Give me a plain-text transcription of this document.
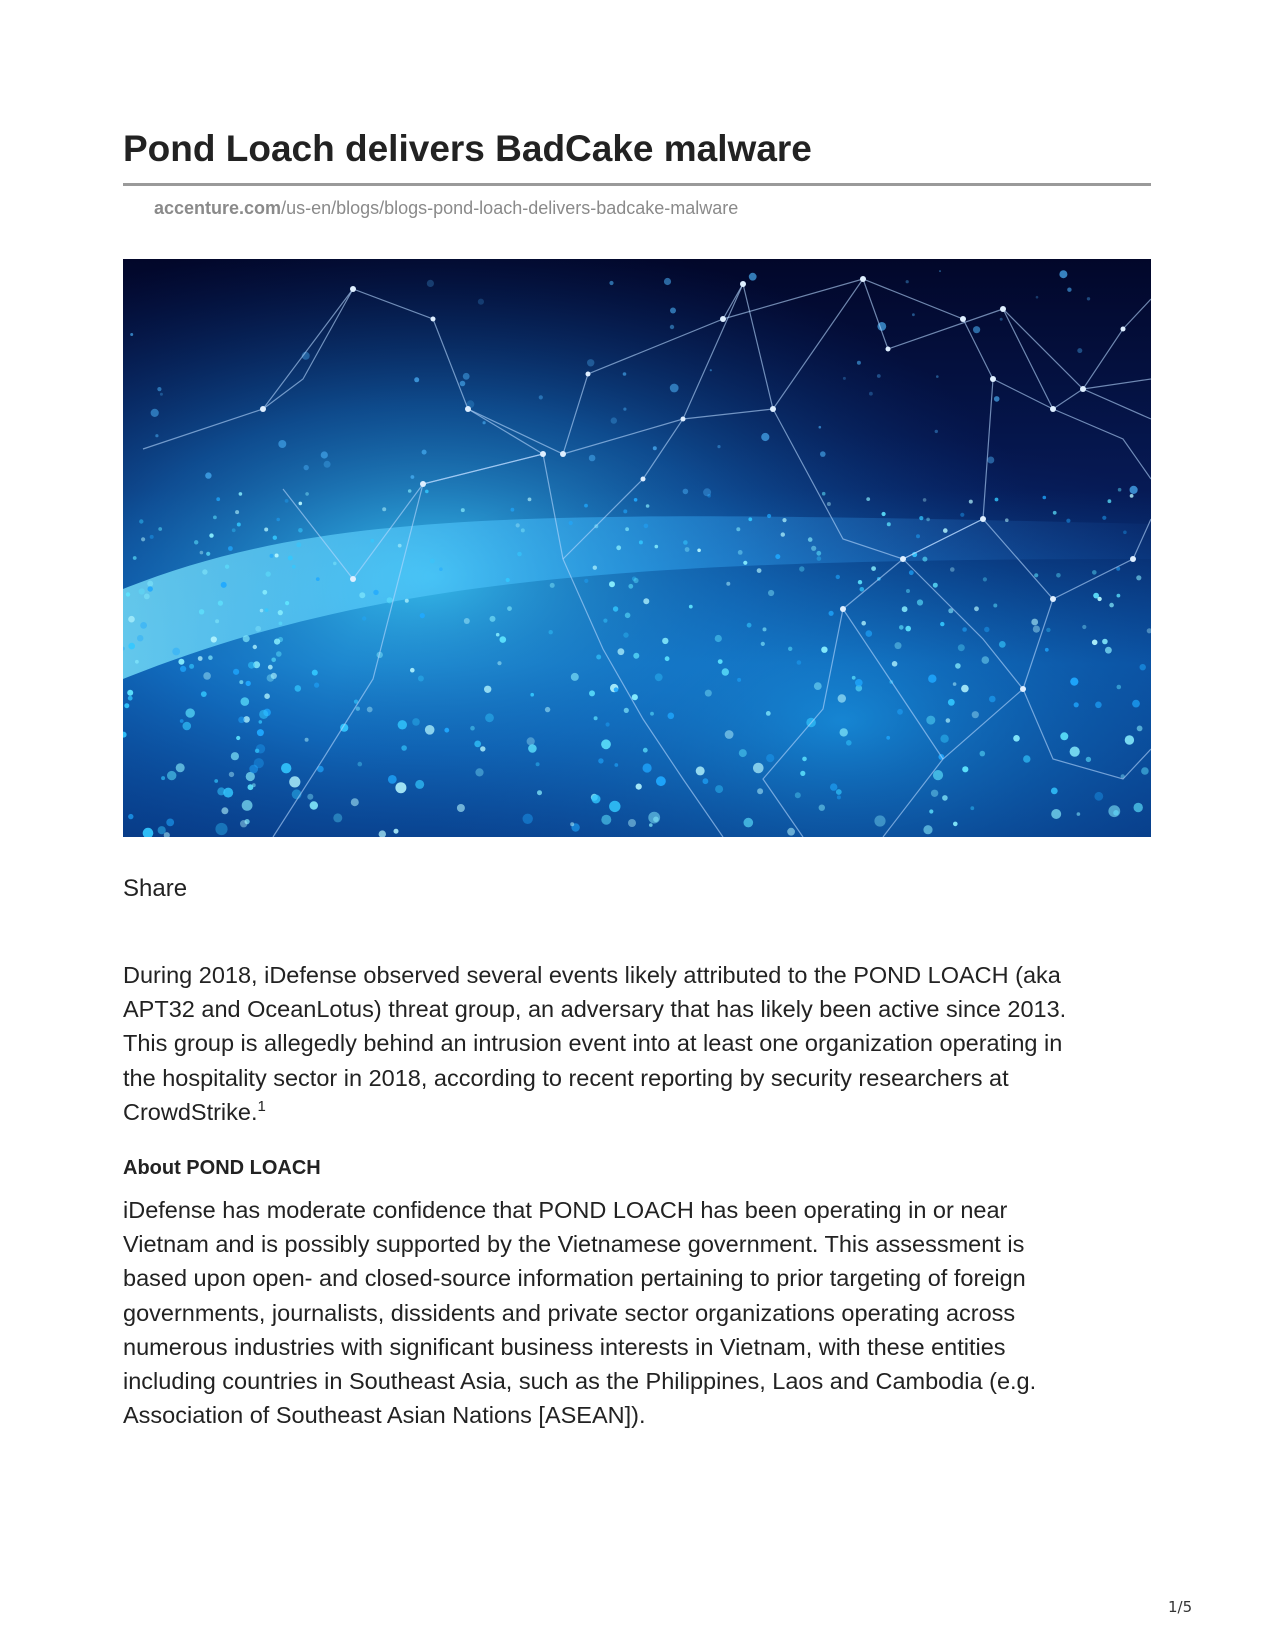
Pond Loach delivers BadCake malware
accenture.com/us-en/blogs/blogs-pond-loach-delivers-badcake-malware
Share

During 2018, iDefense observed several events likely attributed to the POND LOACH (aka
APT32 and OceanLotus) threat group, an adversary that has likely been active since 2013.
This group is allegedly behind an intrusion event into at least one organization operating in
the hospitality sector in 2018, according to recent reporting by security researchers at
CrowdStrike.$^1$

About POND LOACH

iDefense has moderate confidence that POND LOACH has been operating in or near
Vietnam and is possibly supported by the Vietnamese government. This assessment is
based upon open- and closed-source information pertaining to prior targeting of foreign
governments, journalists, dissidents and private sector organizations operating across
numerous industries with significant business interests in Vietnam, with these entities
including countries in Southeast Asia, such as the Philippines, Laos and Cambodia (e.g.
Association of Southeast Asian Nations [ASEAN]).

1/5
